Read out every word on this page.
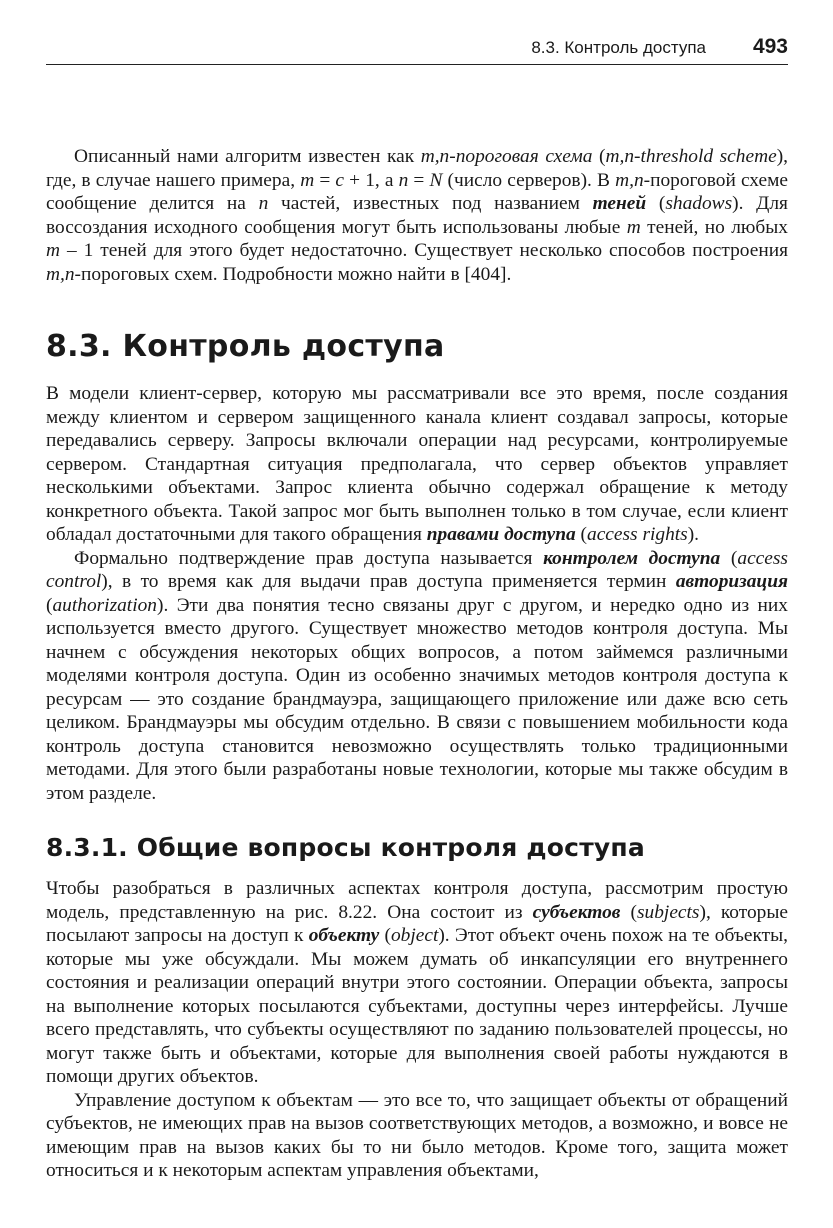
8.3. Контроль доступа 493

Описанный нами алгоритм известен как m,n-пороговая схема (m,n-threshold scheme), где, в случае нашего примера, m = c + 1, а n = N (число серверов). В m,n-пороговой схеме сообщение делится на n частей, известных под названием теней (shadows). Для воссоздания исходного сообщения могут быть использованы любые m теней, но любых m – 1 теней для этого будет недостаточно. Существует несколько способов построения m,n-пороговых схем. Подробности можно найти в [404].

8.3. Контроль доступа

В модели клиент-сервер, которую мы рассматривали все это время, после создания между клиентом и сервером защищенного канала клиент создавал запросы, которые передавались серверу. Запросы включали операции над ресурсами, контролируемые сервером. Стандартная ситуация предполагала, что сервер объектов управляет несколькими объектами. Запрос клиента обычно содержал обращение к методу конкретного объекта. Такой запрос мог быть выполнен только в том случае, если клиент обладал достаточными для такого обращения правами доступа (access rights).

Формально подтверждение прав доступа называется контролем доступа (access control), в то время как для выдачи прав доступа применяется термин авторизация (authorization). Эти два понятия тесно связаны друг с другом, и нередко одно из них используется вместо другого. Существует множество методов контроля доступа. Мы начнем с обсуждения некоторых общих вопросов, а потом займемся различными моделями контроля доступа. Один из особенно значимых методов контроля доступа к ресурсам — это создание брандмауэра, защищающего приложение или даже всю сеть целиком. Брандмауэры мы обсудим отдельно. В связи с повышением мобильности кода контроль доступа становится невозможно осуществлять только традиционными методами. Для этого были разработаны новые технологии, которые мы также обсудим в этом разделе.

8.3.1. Общие вопросы контроля доступа

Чтобы разобраться в различных аспектах контроля доступа, рассмотрим простую модель, представленную на рис. 8.22. Она состоит из субъектов (subjects), которые посылают запросы на доступ к объекту (object). Этот объект очень похож на те объекты, которые мы уже обсуждали. Мы можем думать об инкапсуляции его внутреннего состояния и реализации операций внутри этого состоянии. Операции объекта, запросы на выполнение которых посылаются субъектами, доступны через интерфейсы. Лучше всего представлять, что субъекты осуществляют по заданию пользователей процессы, но могут также быть и объектами, которые для выполнения своей работы нуждаются в помощи других объектов.

Управление доступом к объектам — это все то, что защищает объекты от обращений субъектов, не имеющих прав на вызов соответствующих методов, а возможно, и вовсе не имеющим прав на вызов каких бы то ни было методов. Кроме того, защита может относиться и к некоторым аспектам управления объектами,
